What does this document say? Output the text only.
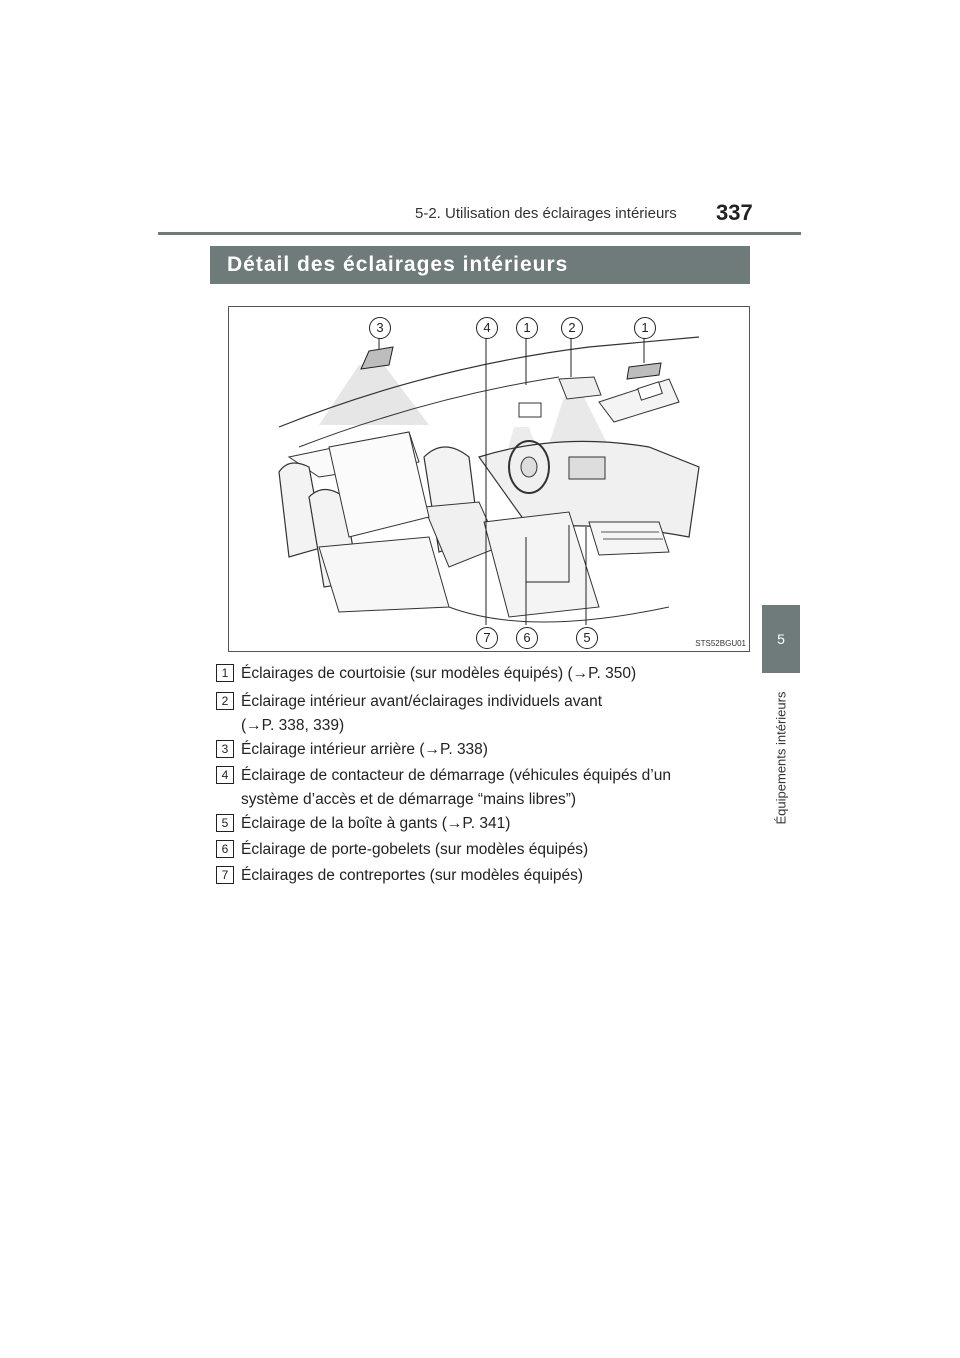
5-2. Utilisation des éclairages intérieurs 337
5
Équipements intérieurs
Détail des éclairages intérieurs
3	4	1	2	1
7	6	5	STS52BGU01
1 Éclairages de courtoisie (sur modèles équipés) (→P. 350)
2 Éclairage intérieur avant/éclairages individuels avant
(→P. 338, 339)
3 Éclairage intérieur arrière (→P. 338)
4 Éclairage de contacteur de démarrage (véhicules équipés d’un
système d’accès et de démarrage “mains libres”)
5 Éclairage de la boîte à gants (→P. 341)
6 Éclairage de porte-gobelets (sur modèles équipés)
7 Éclairages de contreportes (sur modèles équipés)
